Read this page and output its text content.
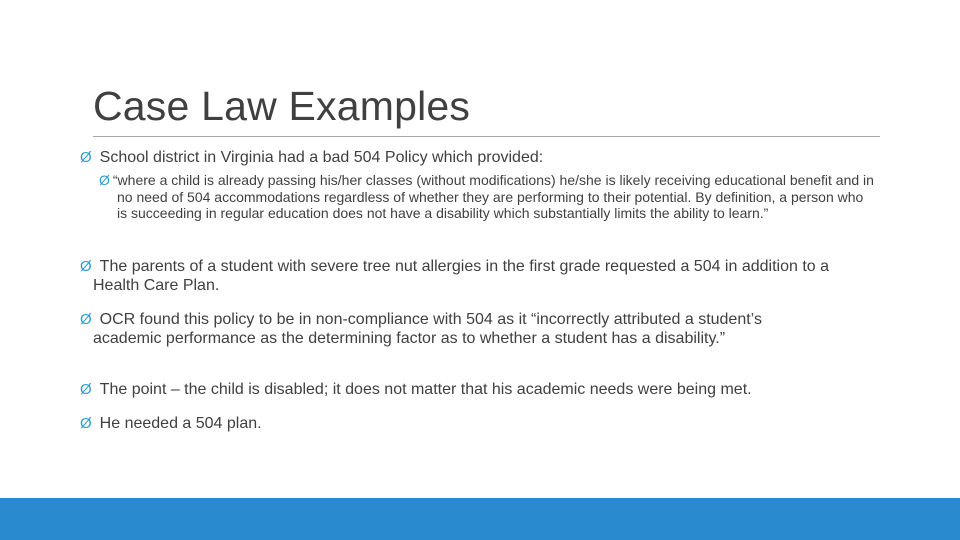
Case Law Examples

Ø School district in Virginia had a bad 504 Policy which provided:

Ø “where a child is already passing his/her classes (without modifications) he/she is likely receiving educational benefit and in no need of 504 accommodations regardless of whether they are performing to their potential. By definition, a person who is succeeding in regular education does not have a disability which substantially limits the ability to learn.”

Ø The parents of a student with severe tree nut allergies in the first grade requested a 504 in addition to a Health Care Plan.

Ø OCR found this policy to be in non-compliance with 504 as it “incorrectly attributed a student’s academic performance as the determining factor as to whether a student has a disability.”

Ø The point – the child is disabled; it does not matter that his academic needs were being met.

Ø He needed a 504 plan.
